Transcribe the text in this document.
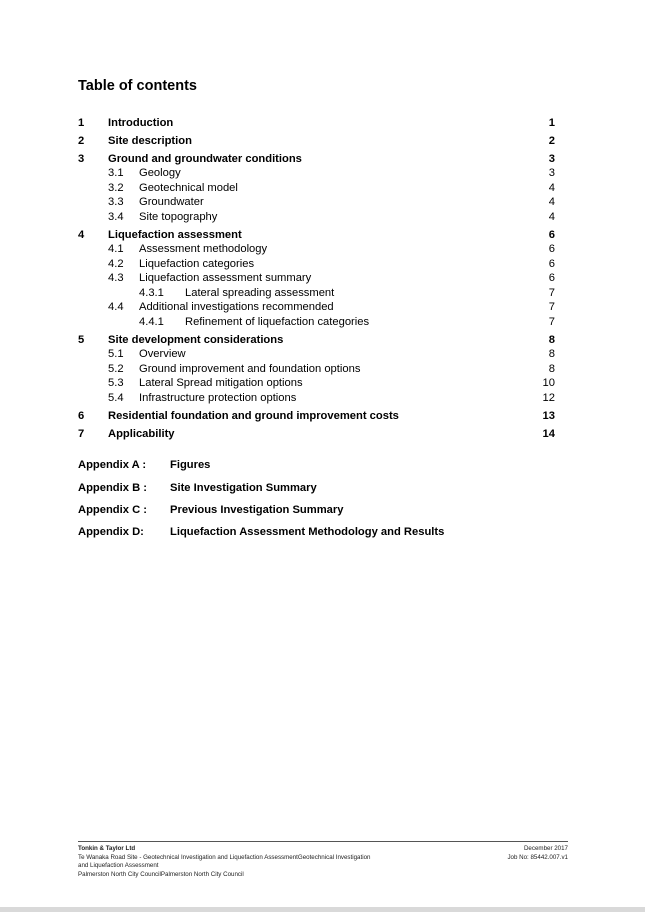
Table of contents
1 Introduction	1
2 Site description	2
3 Ground and groundwater conditions	3
3.1 Geology	3
3.2 Geotechnical model	4
3.3 Groundwater	4
3.4 Site topography	4
4 Liquefaction assessment	6
4.1 Assessment methodology	6
4.2 Liquefaction categories	6
4.3 Liquefaction assessment summary	6
4.3.1 Lateral spreading assessment	7
4.4 Additional investigations recommended	7
4.4.1 Refinement of liquefaction categories	7
5 Site development considerations	8
5.1 Overview	8
5.2 Ground improvement and foundation options	8
5.3 Lateral Spread mitigation options	10
5.4 Infrastructure protection options	12
6 Residential foundation and ground improvement costs	13
7 Applicability	14
Appendix A : Figures
Appendix B : Site Investigation Summary
Appendix C : Previous Investigation Summary
Appendix D: Liquefaction Assessment Methodology and Results
Tonkin & Taylor Ltd
Te Wanaka Road Site - Geotechnical Investigation and Liquefaction AssessmentGeotechnical Investigation
and Liquefaction Assessment
Palmerston North City CouncilPalmerston North City Council
December 2017
Job No: 85442.007.v1
